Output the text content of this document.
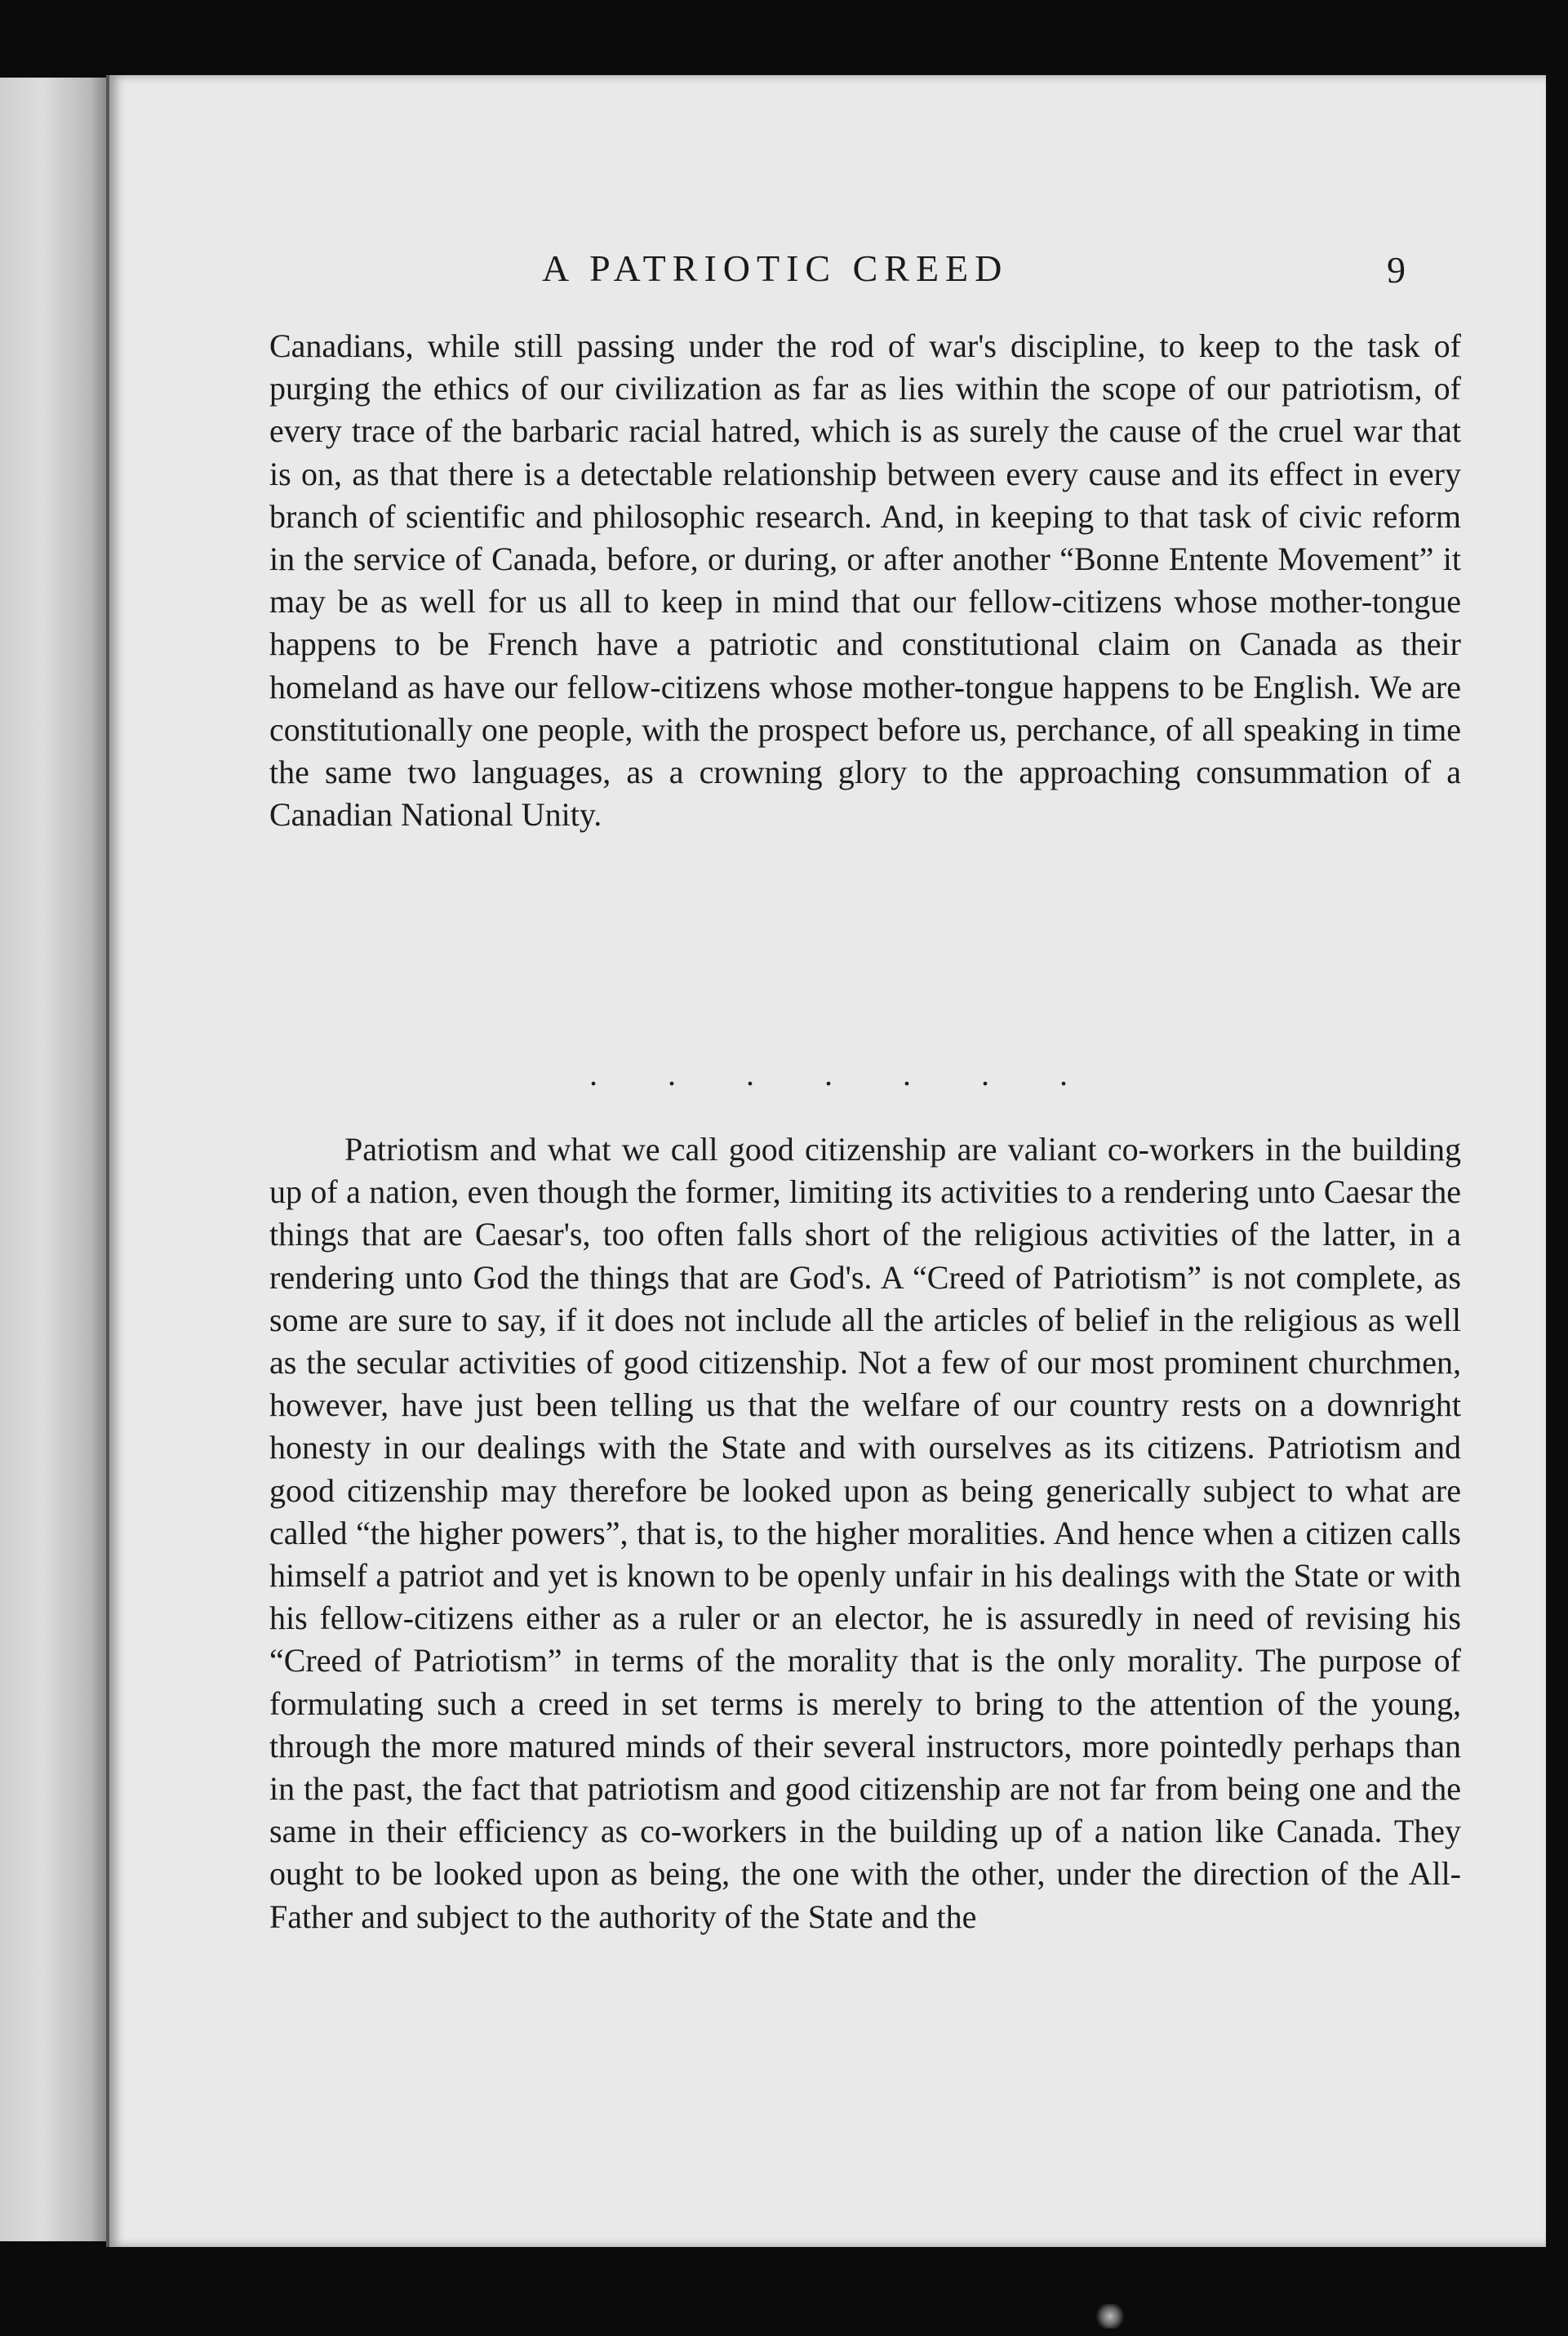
A PATRIOTIC CREED	9

Canadians, while still passing under the rod of war's discipline, to keep to the task of purging the ethics of our civilization as far as lies within the scope of our patriotism, of every trace of the barbaric racial hatred, which is as surely the cause of the cruel war that is on, as that there is a detectable relationship between every cause and its effect in every branch of scientific and philosophic research. And, in keeping to that task of civic reform in the service of Canada, before, or during, or after another “Bonne Entente Movement” it may be as well for us all to keep in mind that our fellow-citizens whose mother-tongue happens to be French have a patriotic and constitutional claim on Canada as their homeland as have our fellow-citizens whose mother-tongue happens to be English. We are constitutionally one people, with the prospect before us, perchance, of all speaking in time the same two languages, as a crowning glory to the approaching consummation of a Canadian National Unity.

. . . . . . .

Patriotism and what we call good citizenship are valiant co-workers in the building up of a nation, even though the former, limiting its activities to a rendering unto Caesar the things that are Caesar's, too often falls short of the religious activities of the latter, in a rendering unto God the things that are God's. A “Creed of Patriotism” is not complete, as some are sure to say, if it does not include all the articles of belief in the religious as well as the secular activities of good citizenship. Not a few of our most prominent churchmen, however, have just been telling us that the welfare of our country rests on a downright honesty in our dealings with the State and with ourselves as its citizens. Patriotism and good citizenship may therefore be looked upon as being generically subject to what are called “the higher powers”, that is, to the higher moralities. And hence when a citizen calls himself a patriot and yet is known to be openly unfair in his dealings with the State or with his fellow-citizens either as a ruler or an elector, he is assuredly in need of revising his “Creed of Patriotism” in terms of the morality that is the only morality. The purpose of formulating such a creed in set terms is merely to bring to the attention of the young, through the more matured minds of their several instructors, more pointedly perhaps than in the past, the fact that patriotism and good citizenship are not far from being one and the same in their efficiency as co-workers in the building up of a nation like Canada. They ought to be looked upon as being, the one with the other, under the direction of the All-Father and subject to the authority of the State and the
